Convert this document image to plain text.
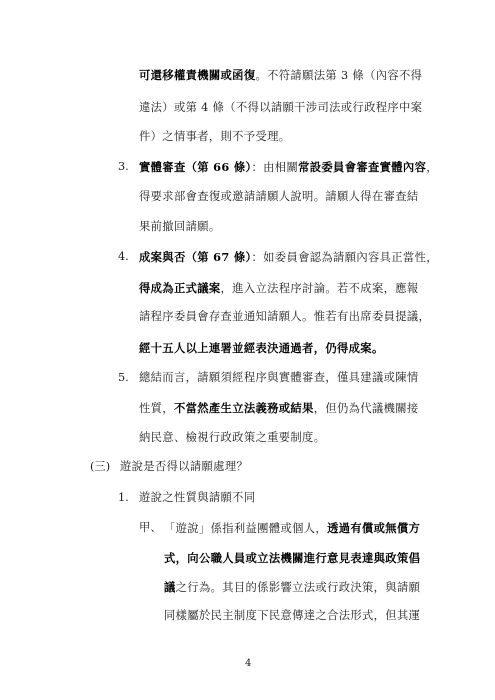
可還移權責機關或函復。不符請願法第 3 條（內容不得
違法）或第 4 條（不得以請願干涉司法或行政程序中案
件）之情事者，則不予受理。
3. 實體審查（第 66 條）：由相關常設委員會審查實體內容，
得要求部會查復或邀請請願人說明。請願人得在審查結
果前撤回請願。
4. 成案與否（第 67 條）：如委員會認為請願內容具正當性，
得成為正式議案，進入立法程序討論。若不成案，應報
請程序委員會存查並通知請願人。惟若有出席委員提議，
經十五人以上連署並經表決通過者，仍得成案。
5. 總結而言，請願須經程序與實體審查，僅具建議或陳情
性質，不當然產生立法義務或結果，但仍為代議機關接
納民意、檢視行政政策之重要制度。
(三) 遊說是否得以請願處理？
1. 遊說之性質與請願不同
甲、 「遊說」係指利益團體或個人，透過有償或無償方
式，向公職人員或立法機關進行意見表達與政策倡
議之行為。其目的係影響立法或行政決策，與請願
同樣屬於民主制度下民意傳達之合法形式，但其運
4
